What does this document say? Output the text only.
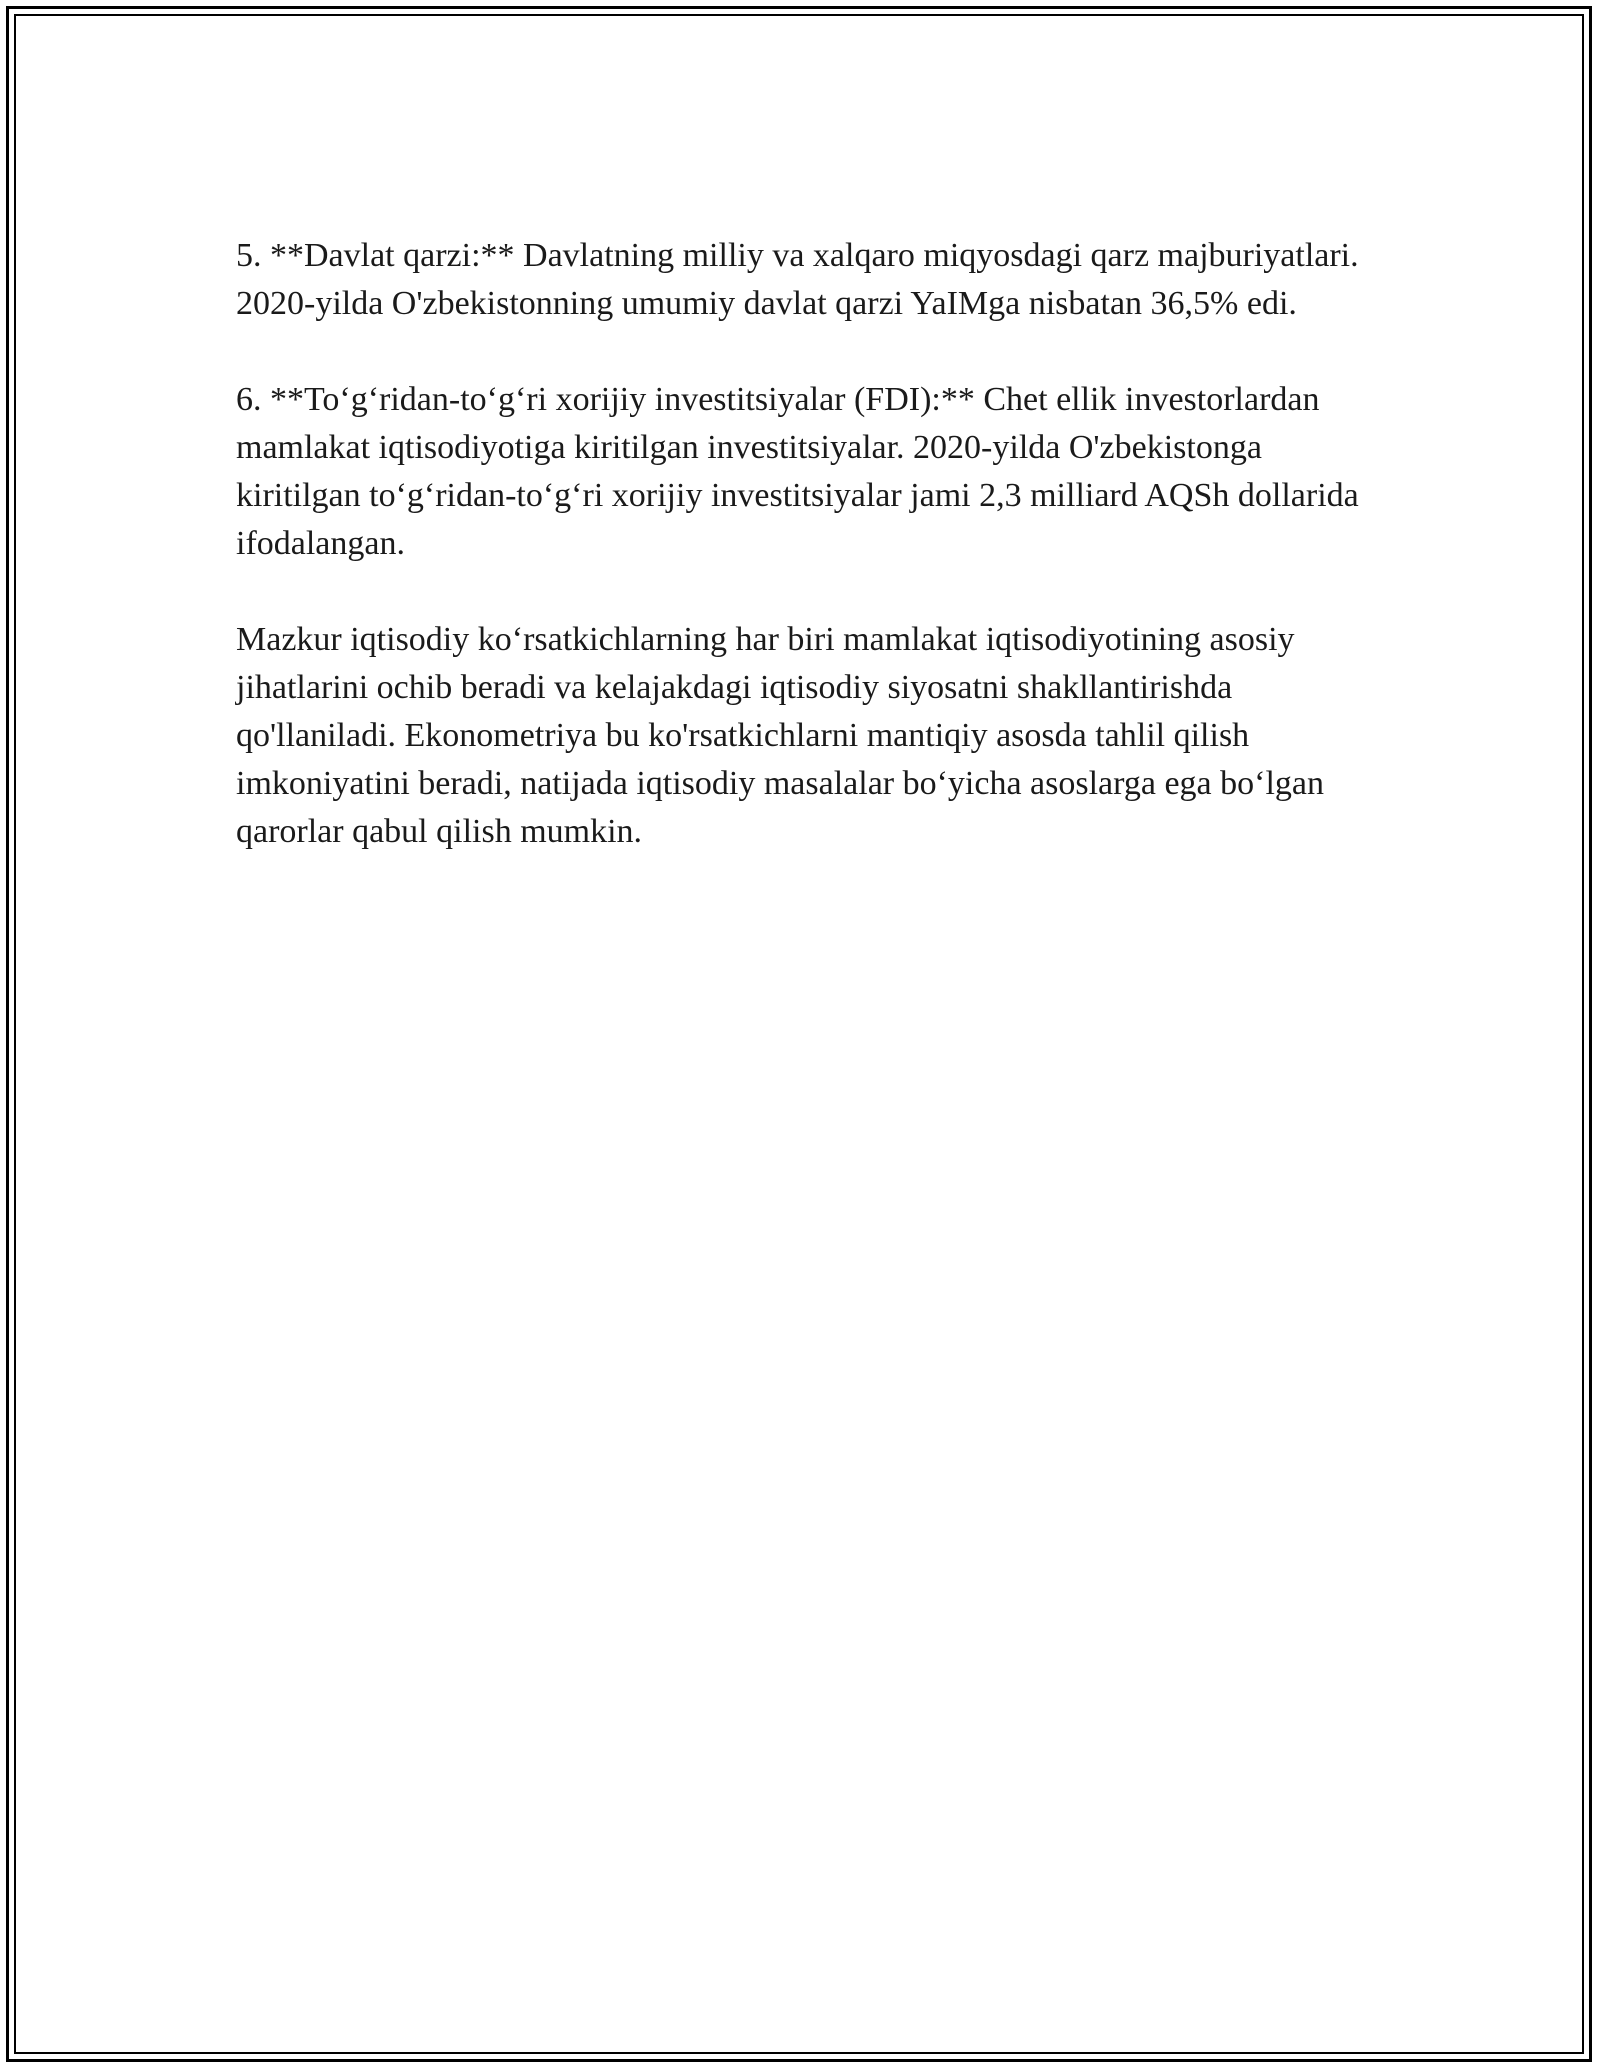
5. **Davlat qarzi:** Davlatning milliy va xalqaro miqyosdagi qarz majburiyatlari. 2020-yilda O'zbekistonning umumiy davlat qarzi YaIMga nisbatan 36,5% edi.

6. **To‘g‘ridan-to‘g‘ri xorijiy investitsiyalar (FDI):** Chet ellik investorlardan mamlakat iqtisodiyotiga kiritilgan investitsiyalar. 2020-yilda O'zbekistonga kiritilgan to‘g‘ridan-to‘g‘ri xorijiy investitsiyalar jami 2,3 milliard AQSh dollarida ifodalangan.

Mazkur iqtisodiy ko‘rsatkichlarning har biri mamlakat iqtisodiyotining asosiy jihatlarini ochib beradi va kelajakdagi iqtisodiy siyosatni shakllantirishda qo'llaniladi. Ekonometriya bu ko'rsatkichlarni mantiqiy asosda tahlil qilish imkoniyatini beradi, natijada iqtisodiy masalalar bo‘yicha asoslarga ega bo‘lgan qarorlar qabul qilish mumkin.
